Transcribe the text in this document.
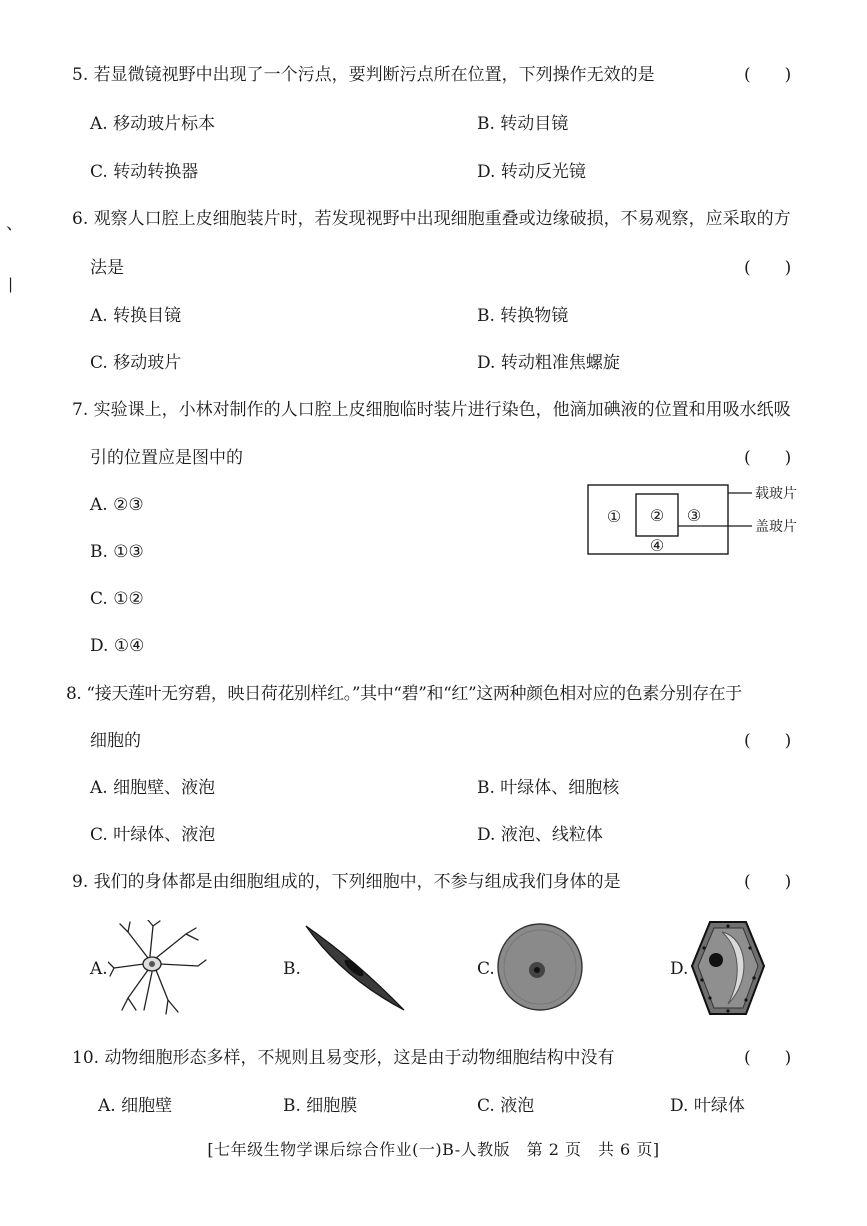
、
|
5. 若显微镜视野中出现了一个污点，要判断污点所在位置，下列操作无效的是	(　　)
A. 移动玻片标本	B. 转动目镜
C. 转动转换器	D. 转动反光镜
6. 观察人口腔上皮细胞装片时，若发现视野中出现细胞重叠或边缘破损，不易观察，应采取的方
法是	(　　)
A. 转换目镜	B. 转换物镜
C. 移动玻片	D. 转动粗准焦螺旋
7. 实验课上，小林对制作的人口腔上皮细胞临时装片进行染色，他滴加碘液的位置和用吸水纸吸
引的位置应是图中的	(　　)
A. ②③
B. ①③
C. ①②
D. ①④
① ② ③
④
载玻片
盖玻片
8. “接天莲叶无穷碧，映日荷花别样红。”其中“碧”和“红”这两种颜色相对应的色素分别存在于
细胞的	(　　)
A. 细胞壁、液泡	B. 叶绿体、细胞核
C. 叶绿体、液泡	D. 液泡、线粒体
9. 我们的身体都是由细胞组成的，下列细胞中，不参与组成我们身体的是	(　　)
A.	B.	C.	D.
10. 动物细胞形态多样，不规则且易变形，这是由于动物细胞结构中没有	(　　)
A. 细胞壁	B. 细胞膜	C. 液泡	D. 叶绿体
[七年级生物学课后综合作业(一)B-人教版　第 2 页　共 6 页]
